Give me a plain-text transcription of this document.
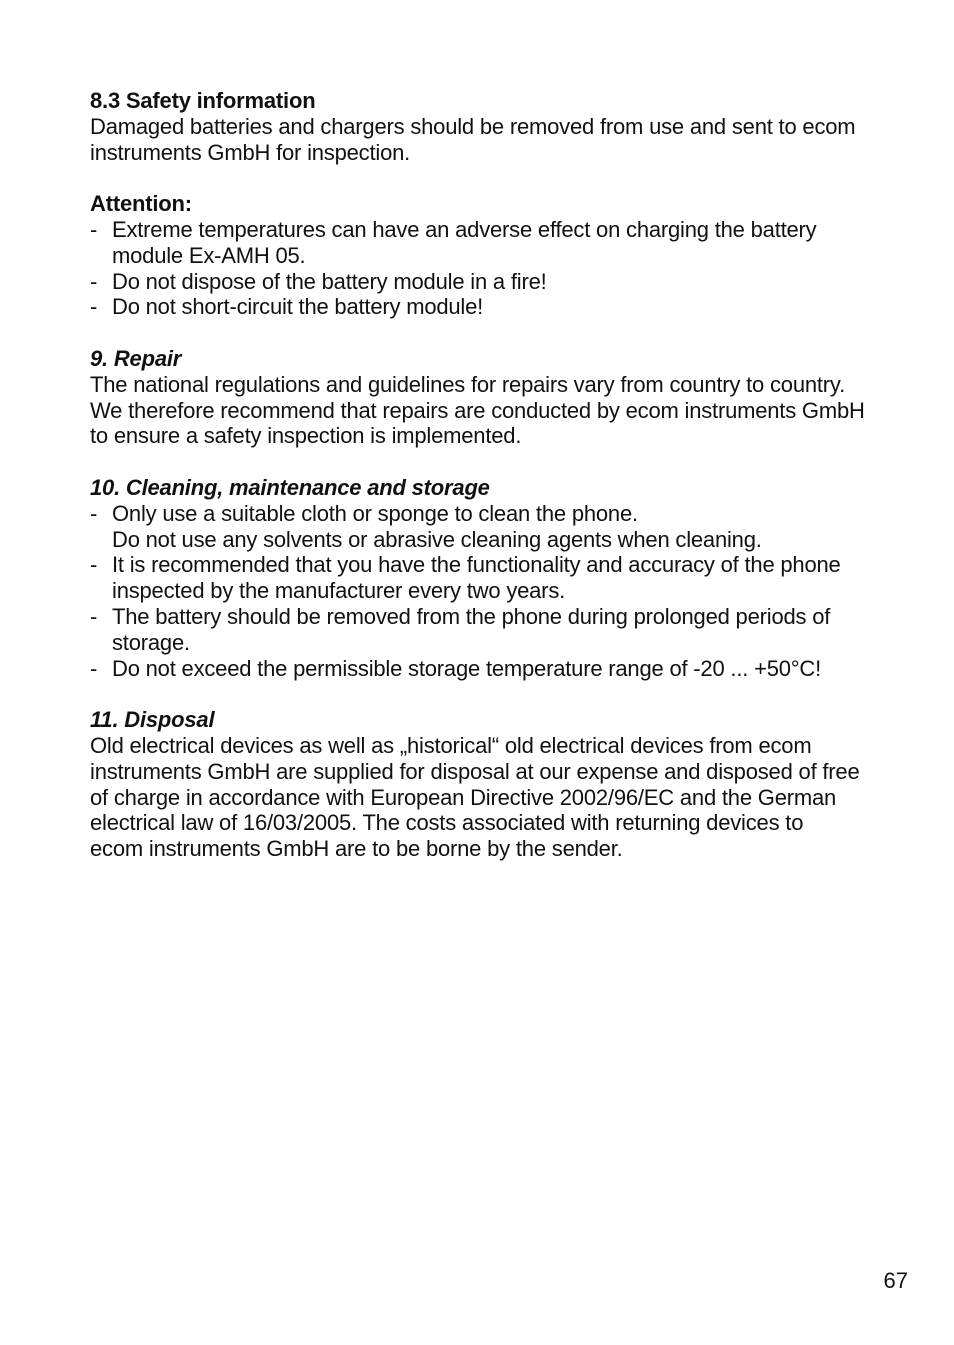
8.3 Safety information

Damaged batteries and chargers should be removed from use and sent to ecom
instruments GmbH for inspection.

Attention:

- Extreme temperatures can have an adverse effect on charging the battery
module Ex-AMH 05.
- Do not dispose of the battery module in a fire!
- Do not short-circuit the battery module!

9. Repair

The national regulations and guidelines for repairs vary from country to country.
We therefore recommend that repairs are conducted by ecom instruments GmbH
to ensure a safety inspection is implemented.

10. Cleaning, maintenance and storage

- Only use a suitable cloth or sponge to clean the phone.
Do not use any solvents or abrasive cleaning agents when cleaning.
- It is recommended that you have the functionality and accuracy of the phone
inspected by the manufacturer every two years.
- The battery should be removed from the phone during prolonged periods of
storage.
- Do not exceed the permissible storage temperature range of -20 ... +50°C!

11. Disposal

Old electrical devices as well as „historical“ old electrical devices from ecom
instruments GmbH are supplied for disposal at our expense and disposed of free
of charge in accordance with European Directive 2002/96/EC and the German
electrical law of 16/03/2005. The costs associated with returning devices to
ecom instruments GmbH are to be borne by the sender.

67
